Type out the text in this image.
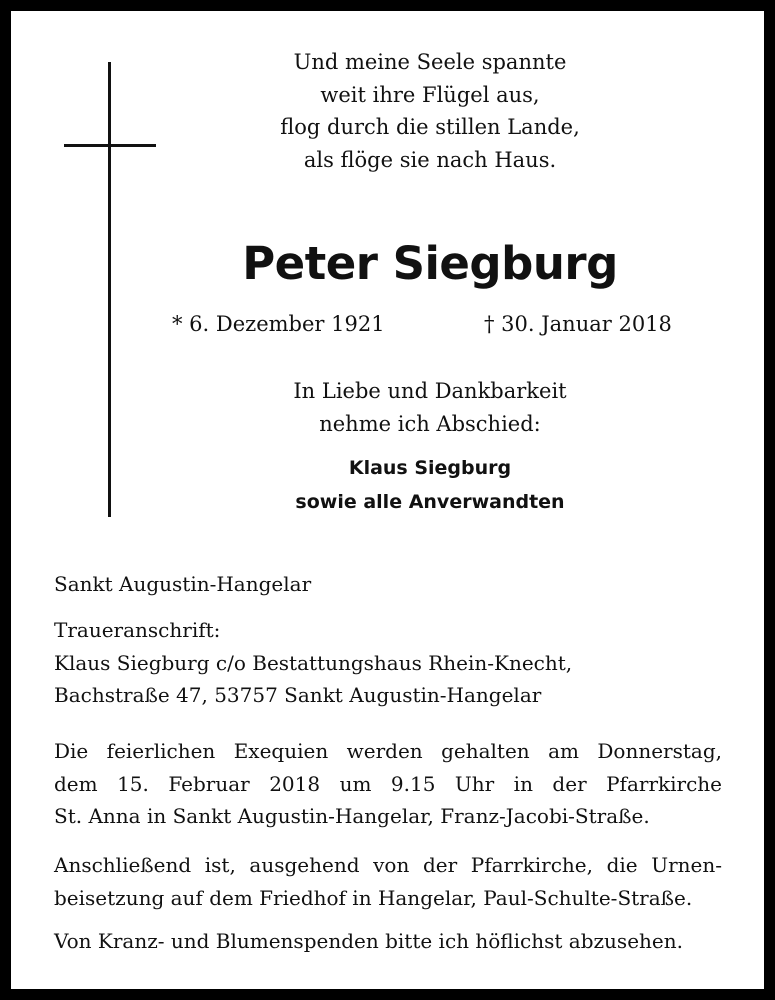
Und meine Seele spannte
weit ihre Flügel aus,
flog durch die stillen Lande,
als flöge sie nach Haus.
Peter Siegburg
* 6. Dezember 1921	† 30. Januar 2018
In Liebe und Dankbarkeit
nehme ich Abschied:
Klaus Siegburg
sowie alle Anverwandten
Sankt Augustin-Hangelar
Traueranschrift:
Klaus Siegburg c/o Bestattungshaus Rhein-Knecht,
Bachstraße 47, 53757 Sankt Augustin-Hangelar
Die feierlichen Exequien werden gehalten am Donnerstag,
dem 15. Februar 2018 um 9.15 Uhr in der Pfarrkirche
St. Anna in Sankt Augustin-Hangelar, Franz-Jacobi-Straße.
Anschließend ist, ausgehend von der Pfarrkirche, die Urnen-
beisetzung auf dem Friedhof in Hangelar, Paul-Schulte-Straße.
Von Kranz- und Blumenspenden bitte ich höflichst abzusehen.
